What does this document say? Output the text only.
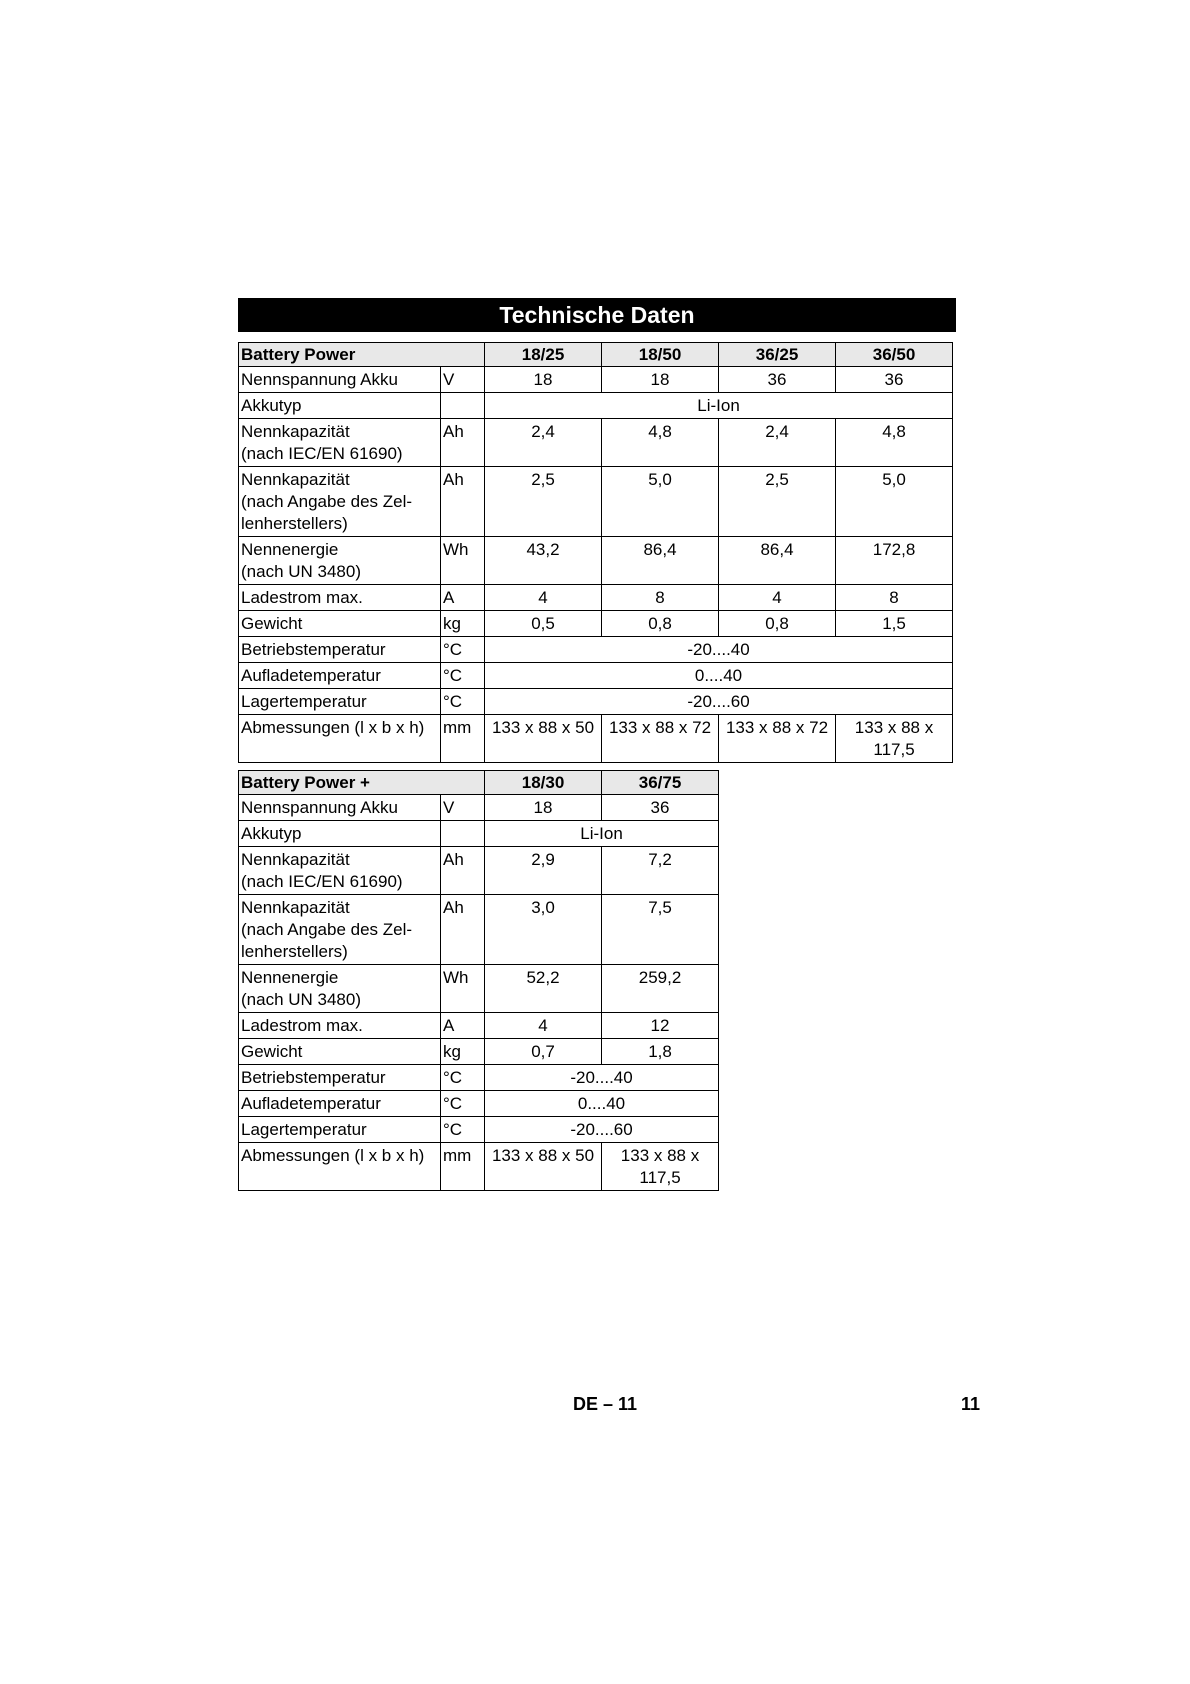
Technische Daten
Battery Power		18/25	18/50	36/25	36/50
Nennspannung Akku	V	18	18	36	36
Akkutyp		Li-Ion			
Nennkapazität
(nach IEC/EN 61690)	Ah	2,4	4,8	2,4	4,8
Nennkapazität
(nach Angabe des Zel-
lenherstellers)	Ah	2,5	5,0	2,5	5,0
Nennenergie
(nach UN 3480)	Wh	43,2	86,4	86,4	172,8
Ladestrom max.	A	4	8	4	8
Gewicht	kg	0,5	0,8	0,8	1,5
Betriebstemperatur	°C	-20....40			
Aufladetemperatur	°C	0....40			
Lagertemperatur	°C	-20....60			
Abmessungen (l x b x h)	mm	133 x 88 x 50	133 x 88 x 72	133 x 88 x 72	133 x 88 x
117,5
Battery Power +		18/30	36/75
Nennspannung Akku	V	18	36
Akkutyp		Li-Ion	
Nennkapazität
(nach IEC/EN 61690)	Ah	2,9	7,2
Nennkapazität
(nach Angabe des Zel-
lenherstellers)	Ah	3,0	7,5
Nennenergie
(nach UN 3480)	Wh	52,2	259,2
Ladestrom max.	A	4	12
Gewicht	kg	0,7	1,8
Betriebstemperatur	°C	-20....40	
Aufladetemperatur	°C	0....40	
Lagertemperatur	°C	-20....60	
Abmessungen (l x b x h)	mm	133 x 88 x 50	133 x 88 x
117,5
DE – 11	11
